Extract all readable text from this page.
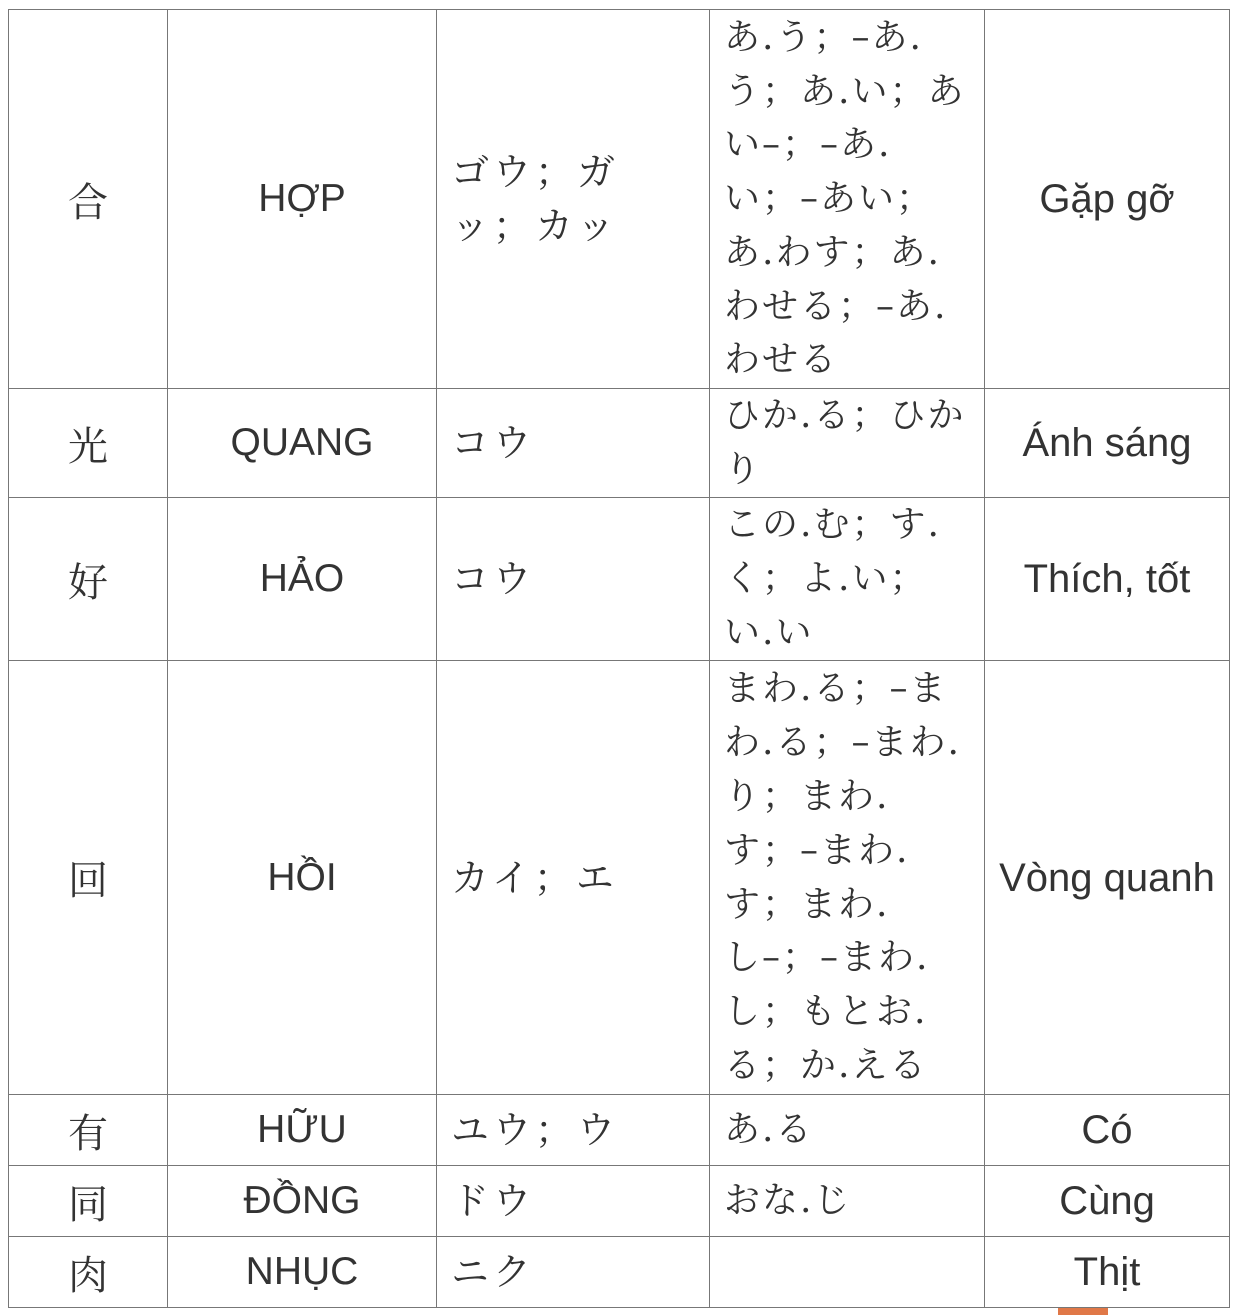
合	HỢP	ゴウ；ガッ；カッ	あ.う；–あ.う；あ.い；あい–；–あ.い；–あい；あ.わす；あ.わせる；–あ.わせる	Gặp gỡ
光	QUANG	コウ	ひか.る；ひかり	Ánh sáng
好	HẢO	コウ	この.む；す.く；よ.い；い.い	Thích, tốt
回	HỒI	カイ；エ	まわ.る；–まわ.る；–まわ.り；まわ.す；–まわ.す；まわ.し–；–まわ.し；もとお.る；か.える	Vòng quanh
有	HỮU	ユウ；ウ	あ.る	Có
同	ĐỒNG	ドウ	おな.じ	Cùng
肉	NHỤC	ニク		Thịt
